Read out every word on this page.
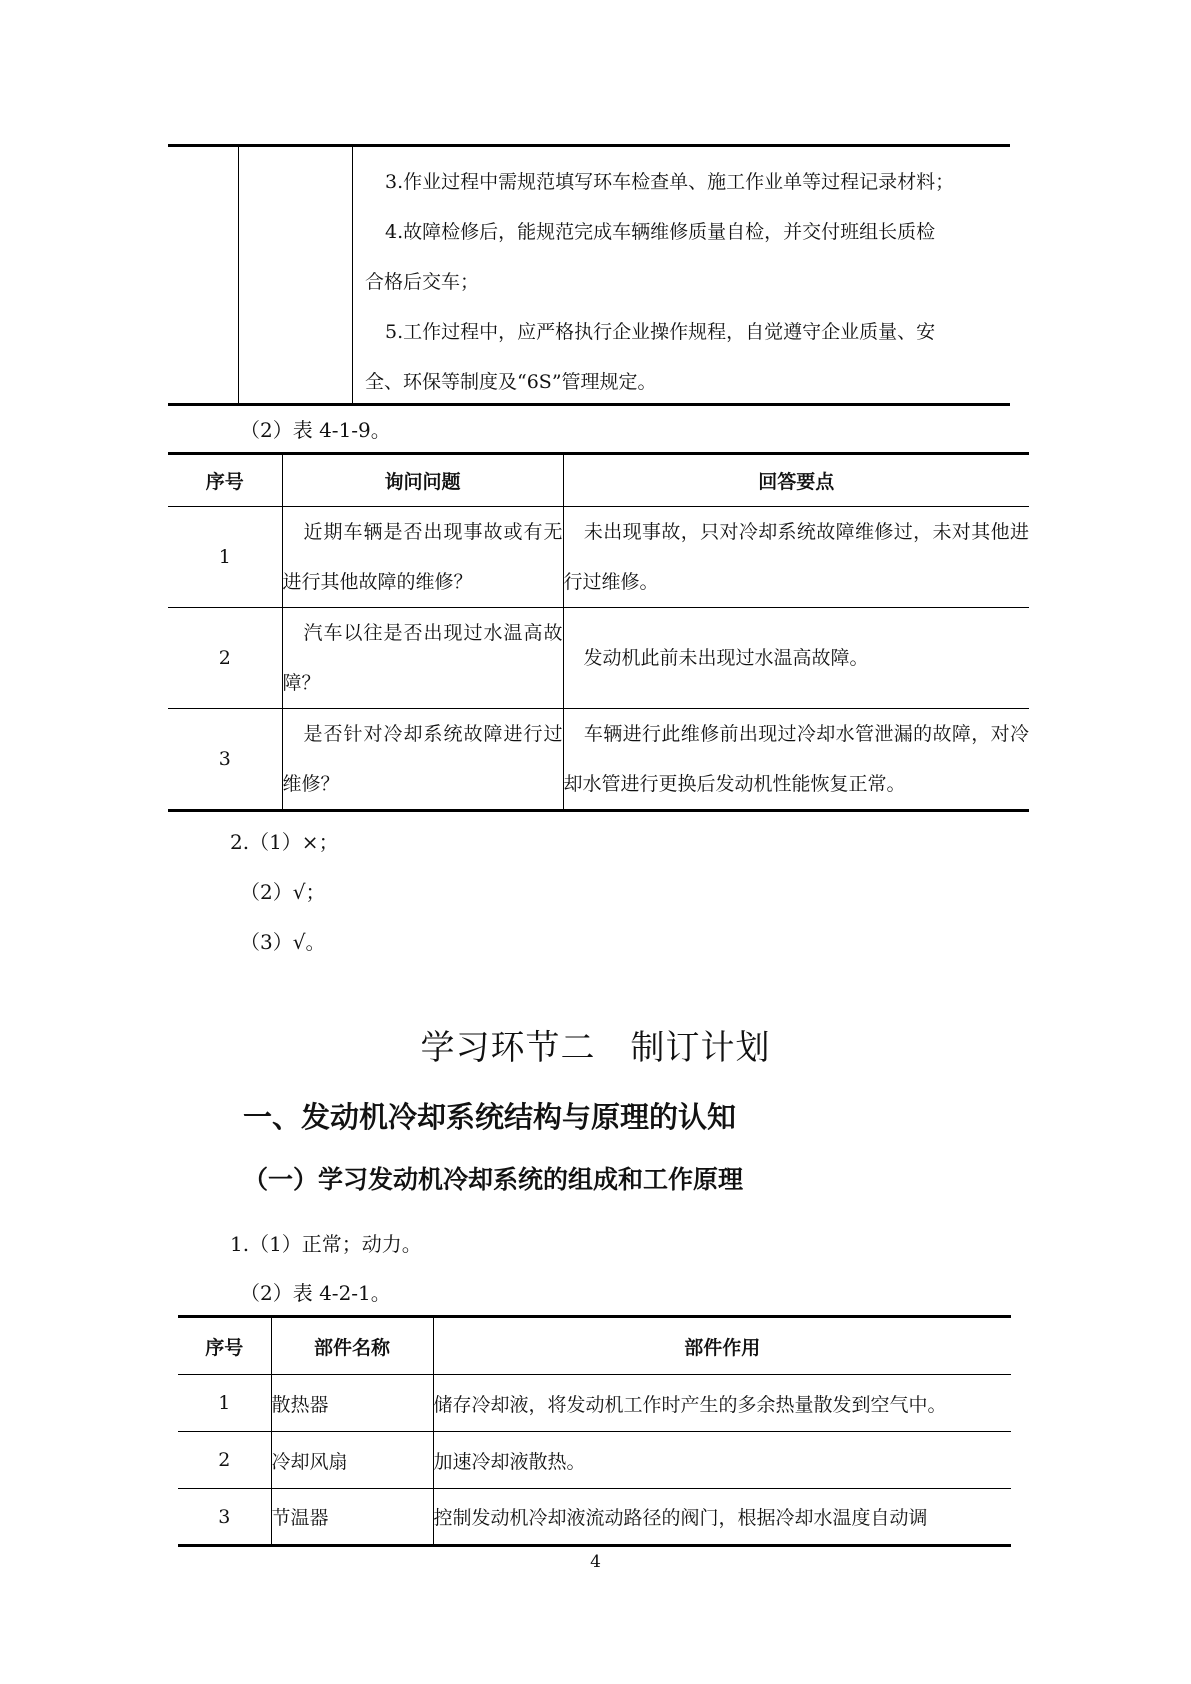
3.作业过程中需规范填写环车检查单、施工作业单等过程记录材料；

4.故障检修后，能规范完成车辆维修质量自检，并交付班组长质检

合格后交车；

5.工作过程中，应严格执行企业操作规程，自觉遵守企业质量、安

全、环保等制度及“6S”管理规定。

（2）表 4-1-9。
序号	询问问题	回答要点
1	近期车辆是否出现事故或有无进行其他故障的维修？	未出现事故，只对冷却系统故障维修过，未对其他进行过维修。
2	汽车以往是否出现过水温高故障？	发动机此前未出现过水温高故障。
3	是否针对冷却系统故障进行过维修？	车辆进行此维修前出现过冷却水管泄漏的故障，对冷却水管进行更换后发动机性能恢复正常。
2.（1）×；
（2）√；
（3）√。
学习环节二　制订计划
一、发动机冷却系统结构与原理的认知
（一）学习发动机冷却系统的组成和工作原理
1.（1）正常；动力。
（2）表 4-2-1。
序号	部件名称	部件作用
1	散热器	储存冷却液，将发动机工作时产生的多余热量散发到空气中。
2	冷却风扇	加速冷却液散热。
3	节温器	控制发动机冷却液流动路径的阀门，根据冷却水温度自动调
4
